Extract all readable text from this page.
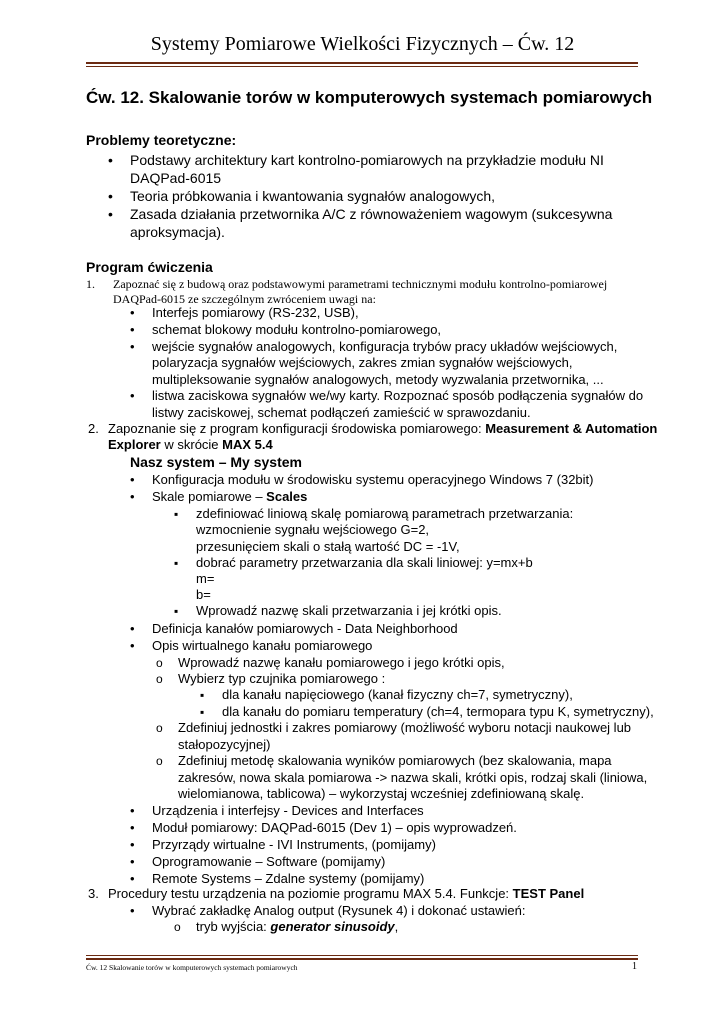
Systemy Pomiarowe Wielkości Fizycznych – Ćw. 12
Ćw. 12. Skalowanie torów w komputerowych systemach pomiarowych
Problemy teoretyczne:
• Podstawy architektury kart kontrolno-pomiarowych na przykładzie modułu NI
DAQPad-6015
• Teoria próbkowania i kwantowania sygnałów analogowych,
• Zasada działania przetwornika A/C z równoważeniem wagowym (sukcesywna
aproksymacja).
Program ćwiczenia
1. Zapoznać się z budową oraz podstawowymi parametrami technicznymi modułu kontrolno-pomiarowej
DAQPad-6015 ze szczególnym zwróceniem uwagi na:
• Interfejs pomiarowy (RS-232, USB),
• schemat blokowy modułu kontrolno-pomiarowego,
• wejście sygnałów analogowych, konfiguracja trybów pracy układów wejściowych,
polaryzacja sygnałów wejściowych, zakres zmian sygnałów wejściowych,
multipleksowanie sygnałów analogowych, metody wyzwalania przetwornika, ...
• listwa zaciskowa sygnałów we/wy karty. Rozpoznać sposób podłączenia sygnałów do
listwy zaciskowej, schemat podłączeń zamieścić w sprawozdaniu.
2. Zapoznanie się z program konfiguracji środowiska pomiarowego: Measurement & Automation
Explorer w skrócie MAX 5.4
Nasz system – My system
• Konfiguracja modułu w środowisku systemu operacyjnego Windows 7 (32bit)
• Skale pomiarowe – Scales
▪ zdefiniować liniową skalę pomiarową parametrach przetwarzania:
wzmocnienie sygnału wejściowego G=2,
przesunięciem skali o stałą wartość DC = -1V,
▪ dobrać parametry przetwarzania dla skali liniowej: y=mx+b
m=
b=
▪ Wprowadź nazwę skali przetwarzania i jej krótki opis.
• Definicja kanałów pomiarowych - Data Neighborhood
• Opis wirtualnego kanału pomiarowego
o Wprowadź nazwę kanału pomiarowego i jego krótki opis,
o Wybierz typ czujnika pomiarowego :
▪ dla kanału napięciowego (kanał fizyczny ch=7, symetryczny),
▪ dla kanału do pomiaru temperatury (ch=4, termopara typu K, symetryczny),
o Zdefiniuj jednostki i zakres pomiarowy (możliwość wyboru notacji naukowej lub
stałopozycyjnej)
o Zdefiniuj metodę skalowania wyników pomiarowych (bez skalowania, mapa
zakresów, nowa skala pomiarowa -> nazwa skali, krótki opis, rodzaj skali (liniowa,
wielomianowa, tablicowa) – wykorzystaj wcześniej zdefiniowaną skalę.
• Urządzenia i interfejsy - Devices and Interfaces
• Moduł pomiarowy: DAQPad-6015 (Dev 1) – opis wyprowadzeń.
• Przyrządy wirtualne - IVI Instruments, (pomijamy)
• Oprogramowanie – Software (pomijamy)
• Remote Systems – Zdalne systemy (pomijamy)
3. Procedury testu urządzenia na poziomie programu MAX 5.4. Funkcje: TEST Panel
• Wybrać zakładkę Analog output (Rysunek 4) i dokonać ustawień:
o tryb wyjścia: generator sinusoidy,
Ćw. 12 Skalowanie torów w komputerowych systemach pomiarowych	1
